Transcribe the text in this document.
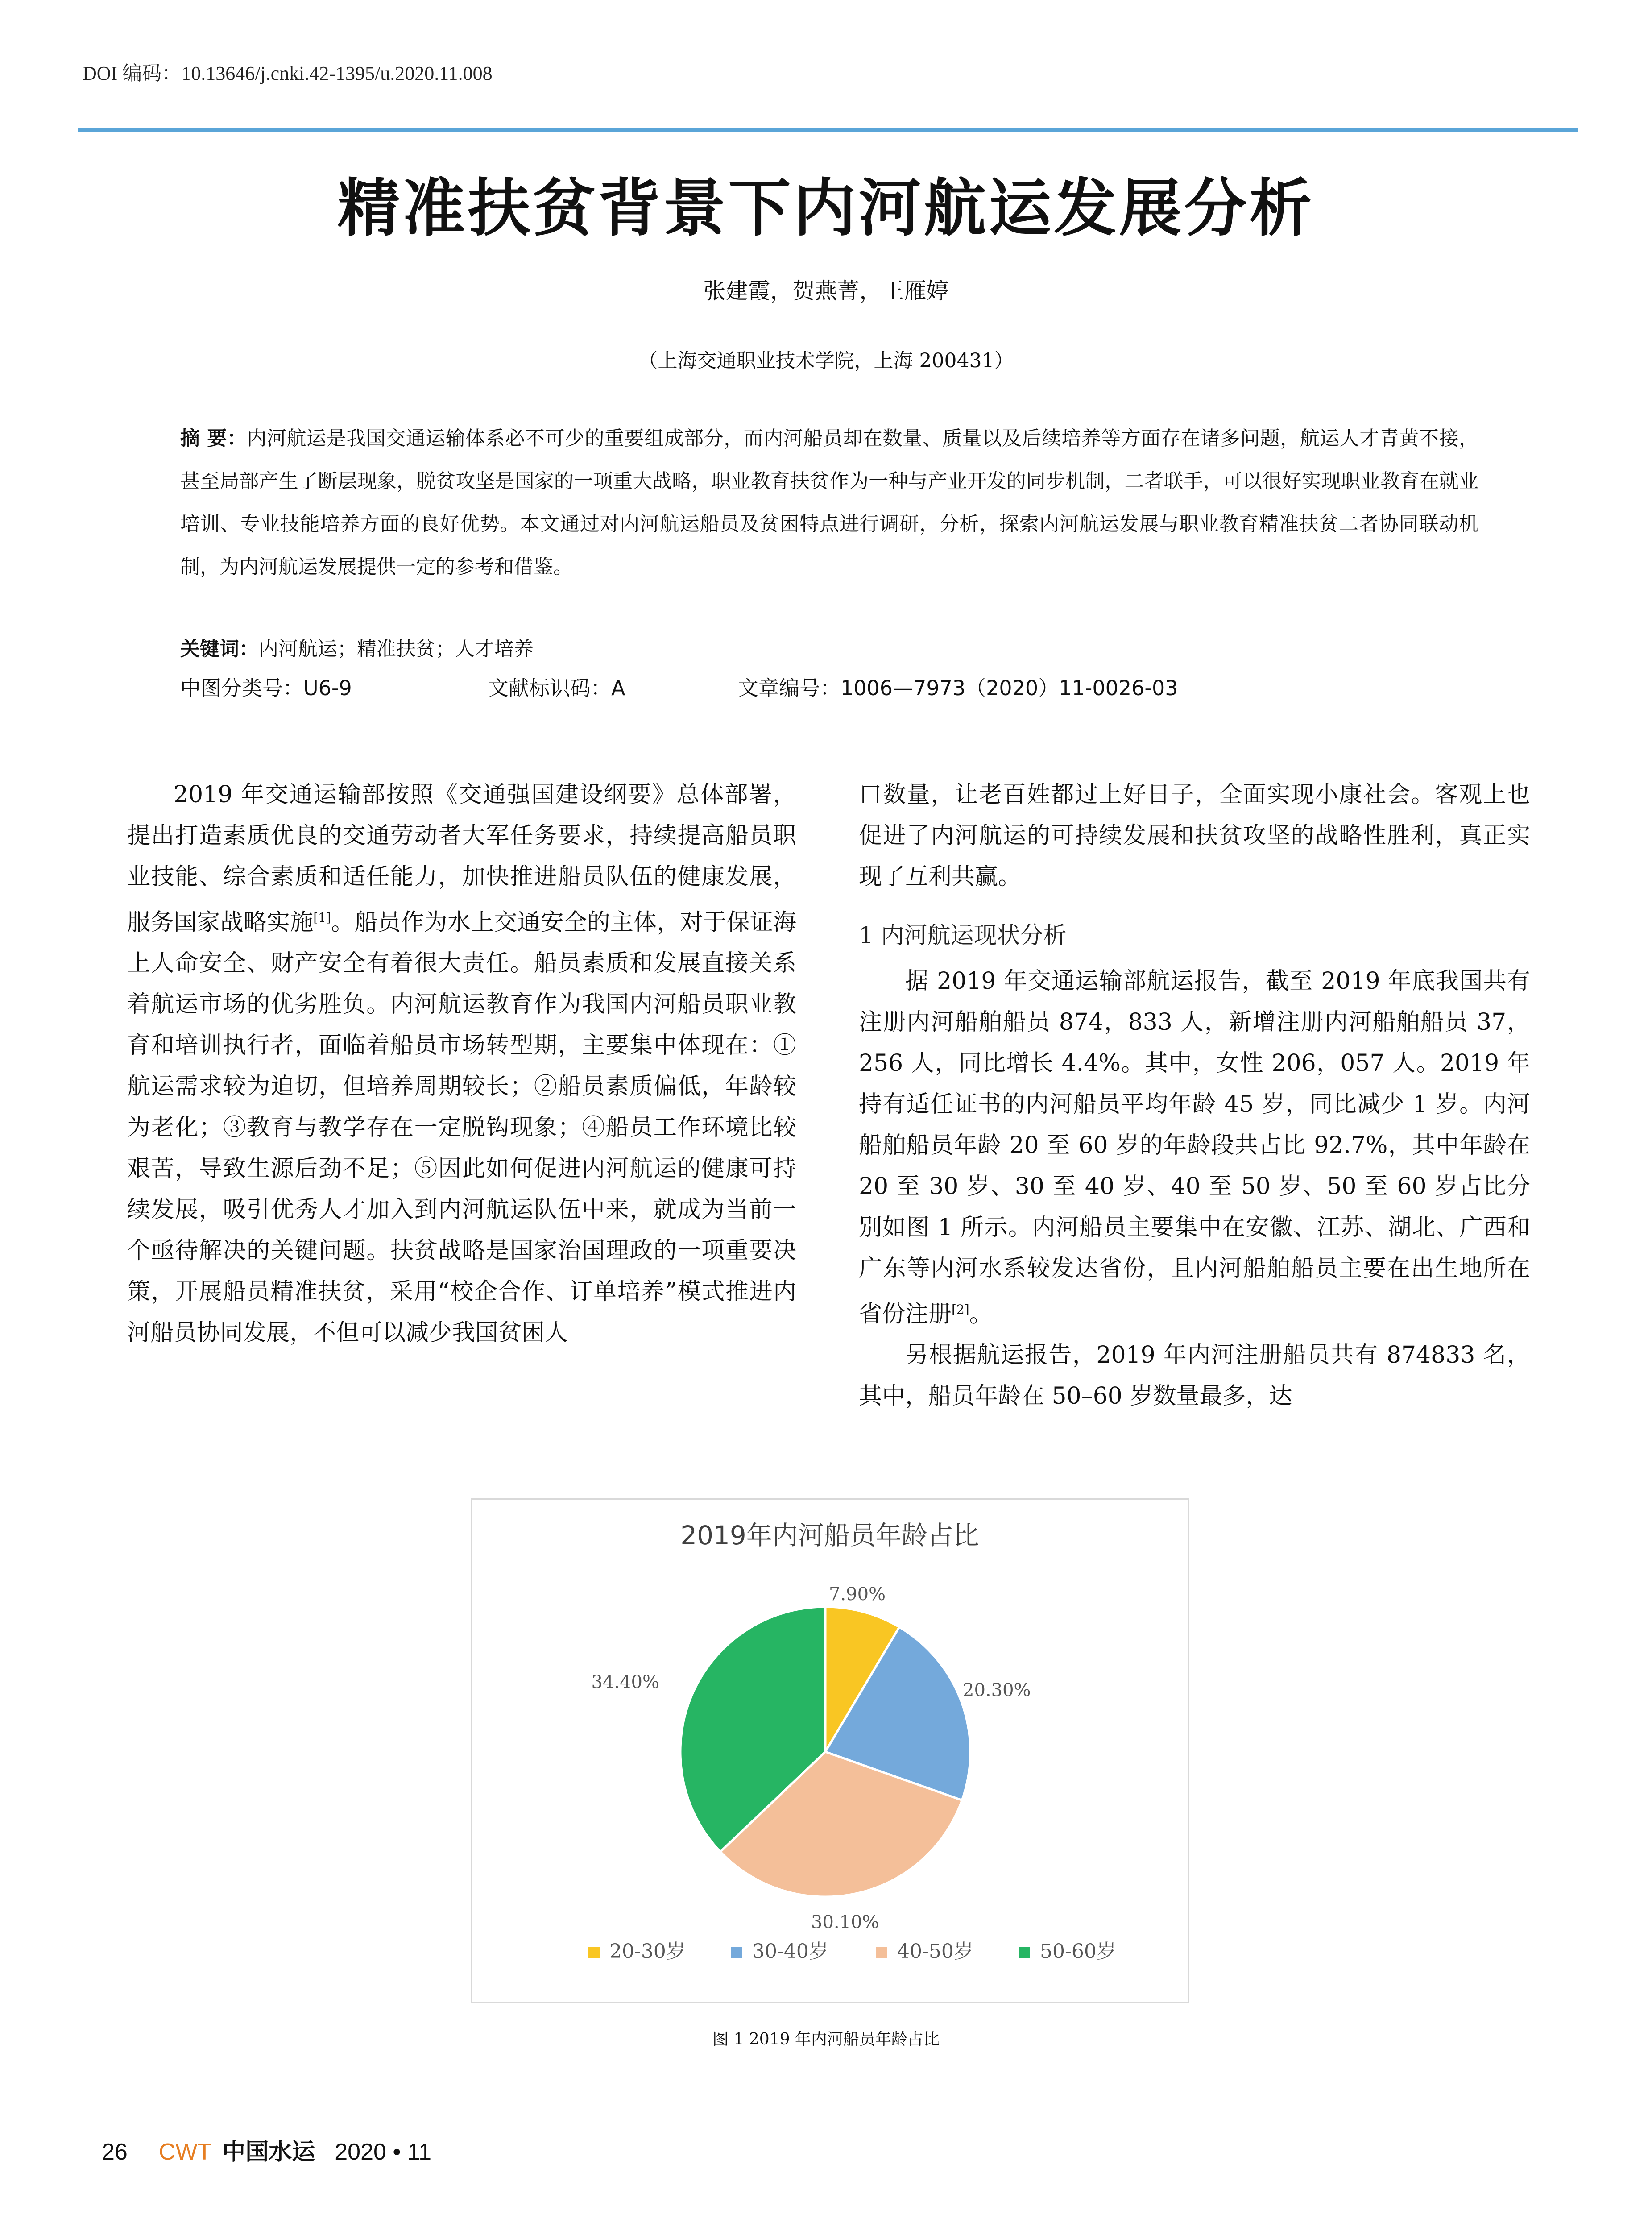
DOI 编码：10.13646/j.cnki.42-1395/u.2020.11.008
精准扶贫背景下内河航运发展分析
张建霞，贺燕菁，王雁婷
（上海交通职业技术学院，上海 200431）
摘 要：内河航运是我国交通运输体系必不可少的重要组成部分，而内河船员却在数量、质量以及后续培养等方面存在诸多问题，航运人才青黄不接，甚至局部产生了断层现象，脱贫攻坚是国家的一项重大战略，职业教育扶贫作为一种与产业开发的同步机制，二者联手，可以很好实现职业教育在就业培训、专业技能培养方面的良好优势。本文通过对内河航运船员及贫困特点进行调研，分析，探索内河航运发展与职业教育精准扶贫二者协同联动机制，为内河航运发展提供一定的参考和借鉴。
关键词：内河航运；精准扶贫；人才培养
中图分类号：U6-9	文献标识码：A	文章编号：1006—7973（2020）11-0026-03

2019 年交通运输部按照《交通强国建设纲要》总体部署，提出打造素质优良的交通劳动者大军任务要求，持续提高船员职业技能、综合素质和适任能力，加快推进船员队伍的健康发展，服务国家战略实施[1]。船员作为水上交通安全的主体，对于保证海上人命安全、财产安全有着很大责任。船员素质和发展直接关系着航运市场的优劣胜负。内河航运教育作为我国内河船员职业教育和培训执行者，面临着船员市场转型期，主要集中体现在：①航运需求较为迫切，但培养周期较长；②船员素质偏低，年龄较为老化；③教育与教学存在一定脱钩现象；④船员工作环境比较艰苦，导致生源后劲不足；⑤因此如何促进内河航运的健康可持续发展，吸引优秀人才加入到内河航运队伍中来，就成为当前一个亟待解决的关键问题。扶贫战略是国家治国理政的一项重要决策，开展船员精准扶贫，采用“校企合作、订单培养”模式推进内河船员协同发展，不但可以减少我国贫困人

口数量，让老百姓都过上好日子，全面实现小康社会。客观上也促进了内河航运的可持续发展和扶贫攻坚的战略性胜利，真正实现了互利共赢。

1 内河航运现状分析

据 2019 年交通运输部航运报告，截至 2019 年底我国共有注册内河船舶船员 874，833 人，新增注册内河船舶船员 37，256 人，同比增长 4.4%。其中，女性 206，057 人。2019 年持有适任证书的内河船员平均年龄 45 岁，同比减少 1 岁。内河船舶船员年龄 20 至 60 岁的年龄段共占比 92.7%，其中年龄在 20 至 30 岁、30 至 40 岁、40 至 50 岁、50 至 60 岁占比分别如图 1 所示。内河船员主要集中在安徽、江苏、湖北、广西和广东等内河水系较发达省份，且内河船舶船员主要在出生地所在省份注册[2]。

另根据航运报告，2019 年内河注册船员共有 874833 名，其中，船员年龄在 50–60 岁数量最多，达

2019年内河船员年龄占比
7.90%
20.30%
30.10%
34.40%
20-30岁	30-40岁	40-50岁	50-60岁
图 1 2019 年内河船员年龄占比
26 CWT 中国水运 2020 • 11
